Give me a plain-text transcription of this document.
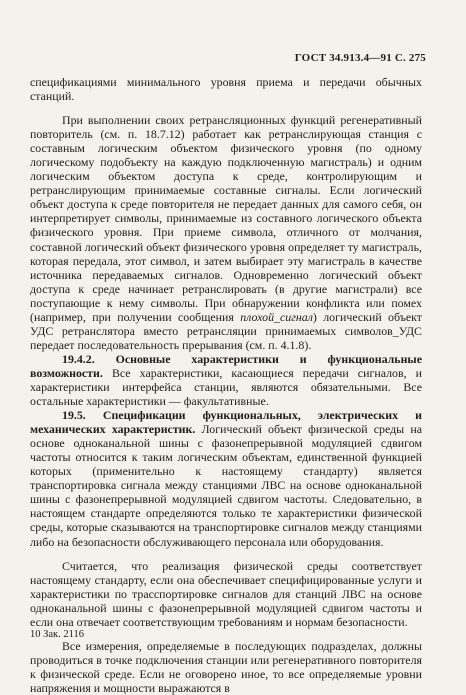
ГОСТ 34.913.4—91 С. 275

спецификациями минимального уровня приема и передачи обычных станций.

При выполнении своих ретрансляционных функций регенеративный повторитель (см. п. 18.7.12) работает как ретранслирующая станция с составным логическим объектом физического уровня (по одному логическому подобъекту на каждую подключенную магистраль) и одним логическим объектом доступа к среде, контролирующим и ретранслирующим принимаемые составные сигналы. Если логический объект доступа к среде повторителя не передает данных для самого себя, он интерпретирует символы, принимаемые из составного логического объекта физического уровня. При приеме символа, отличного от молчания, составной логический объект физического уровня определяет ту магистраль, которая передала, этот символ, и затем выбирает эту магистраль в качестве источника передаваемых сигналов. Одновременно логический объект доступа к среде начинает ретранслировать (в другие магистрали) все поступающие к нему символы. При обнаружении конфликта или помех (например, при получении сообщения плохой_сигнал) логический объект УДС ретранслятора вместо ретрансляции принимаемых символов_УДС передает последовательность прерывания (см. п. 4.1.8).

19.4.2. Основные характеристики и функциональные возможности. Все характеристики, касающиеся передачи сигналов, и характеристики интерфейса станции, являются обязательными. Все остальные характеристики — факультативные.

19.5. Спецификации функциональных, электрических и механических характеристик. Логический объект физической среды на основе одноканальной шины с фазонепрерывной модуляцией сдвигом частоты относится к таким логическим объектам, единственной функцией которых (применительно к настоящему стандарту) является транспортировка сигнала между станциями ЛВС на основе одноканальной шины с фазонепрерывной модуляцией сдвигом частоты. Следовательно, в настоящем стандарте определяются только те характеристики физической среды, которые сказываются на транспортировке сигналов между станциями либо на безопасности обслуживающего персонала или оборудования.

Считается, что реализация физической среды соответствует настоящему стандарту, если она обеспечивает специфицированные услуги и характеристики по трасспортировке сигналов для станций ЛВС на основе одноканальной шины с фазонепрерывной модуляцией сдвигом частоты и если она отвечает соответствующим требованиям и нормам безопасности.

Все измерения, определяемые в последующих подразделах, должны проводиться в точке подключения станции или регенеративного повторителя к физической среде. Если не оговорено иное, то все определяемые уровни напряжения и мощности выражаются в

10 Зак. 2116
